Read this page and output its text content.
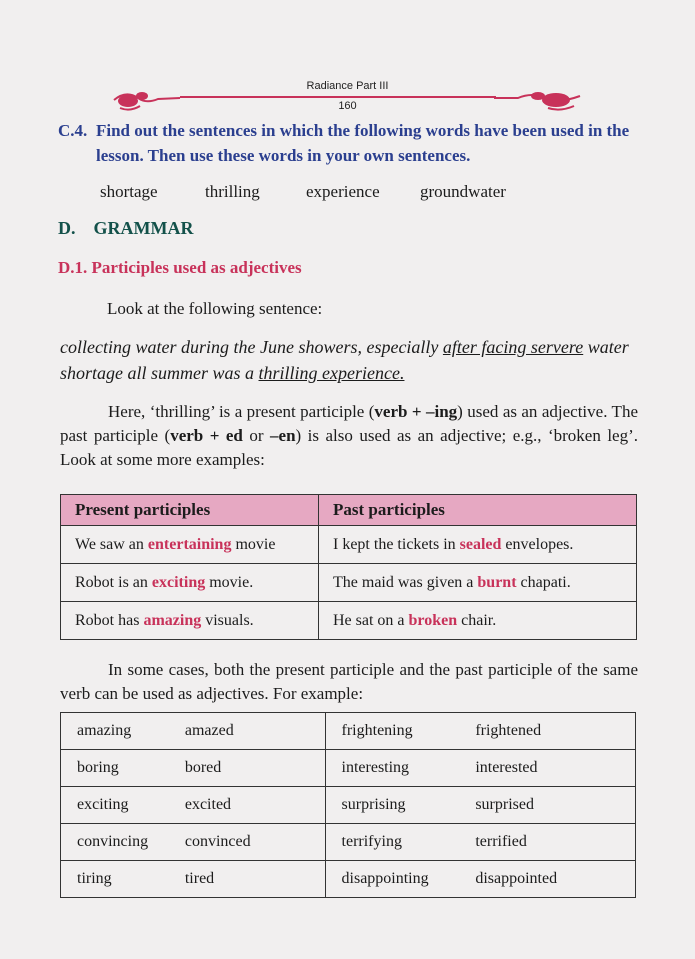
Radiance Part III
160
C.4. Find out the sentences in which the following words have been used in the lesson. Then use these words in your own sentences.
shortage	thrilling	experience groundwater
D. GRAMMAR
D.1. Participles used as adjectives
Look at the following sentence:
collecting water during the June showers, especially after facing servere water shortage all summer was a thrilling experience.
Here, ‘thrilling’ is a present participle (verb + –ing) used as an adjective. The past participle (verb + ed or –en) is also used as an adjective; e.g., ‘broken leg’. Look at some more examples:
Present participles	Past participles
We saw an entertaining movie	I kept the tickets in sealed envelopes.
Robot is an exciting movie.	The maid was given a burnt chapati.
Robot has amazing visuals.	He sat on a broken chair.
In some cases, both the present participle and the past participle of the same verb can be used as adjectives. For example:
amazing	amazed	frightening	frightened
boring	bored	interesting	interested
exciting	excited	surprising	surprised
convincing	convinced	terrifying	terrified
tiring	tired	disappointing	disappointed
